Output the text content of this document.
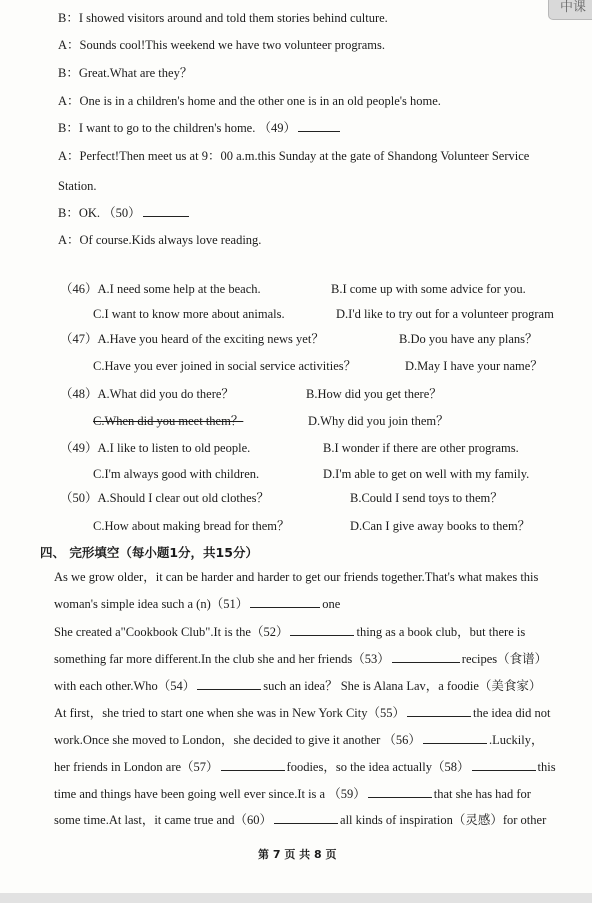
中课
B：I showed visitors around and told them stories behind culture.
A：Sounds cool!This weekend we have two volunteer programs.
B：Great.What are they？
A：One is in a children's home and the other one is in an old people's home.
B：I want to go to the children's home. （49）
A：Perfect!Then meet us at 9：00 a.m.this Sunday at the gate of Shandong Volunteer Service
Station.
B：OK. （50）
A：Of course.Kids always love reading.
（46）A.I need some help at the beach.	B.I come up with some advice for you.
C.I want to know more about animals.	D.I'd like to try out for a volunteer program
（47）A.Have you heard of the exciting news yet？	B.Do you have any plans？
C.Have you ever joined in social service activities？	D.May I have your name？
（48）A.What did you do there？	B.How did you get there？
C.When did you meet them？	D.Why did you join them？
（49）A.I like to listen to old people.	B.I wonder if there are other programs.
C.I'm always good with children.	D.I'm able to get on well with my family.
（50）A.Should I clear out old clothes？	B.Could I send toys to them？
C.How about making bread for them？	D.Can I give away books to them？
四、 完形填空（每小题1分，共15分）
As we grow older，it can be harder and harder to get our friends together.That's what makes this
woman's simple idea such a (n)（51）	one
She created a"Cookbook Club".It is the（52）	thing as a book club，but there is
something far more different.In the club she and her friends（53）	recipes（食谱）
with each other.Who（54）	such an idea？ She is Alana Lav，a foodie（美食家）
At first，she tried to start one when she was in New York City（55）	the idea did not
work.Once she moved to London，she decided to give it another （56）	.Luckily，
her friends in London are（57）	foodies，so the idea actually（58）	this
time and things have been going well ever since.It is a （59）	that she has had for
some time.At last，it came true and（60）	all kinds of inspiration（灵感）for other
第 7 页 共 8 页
